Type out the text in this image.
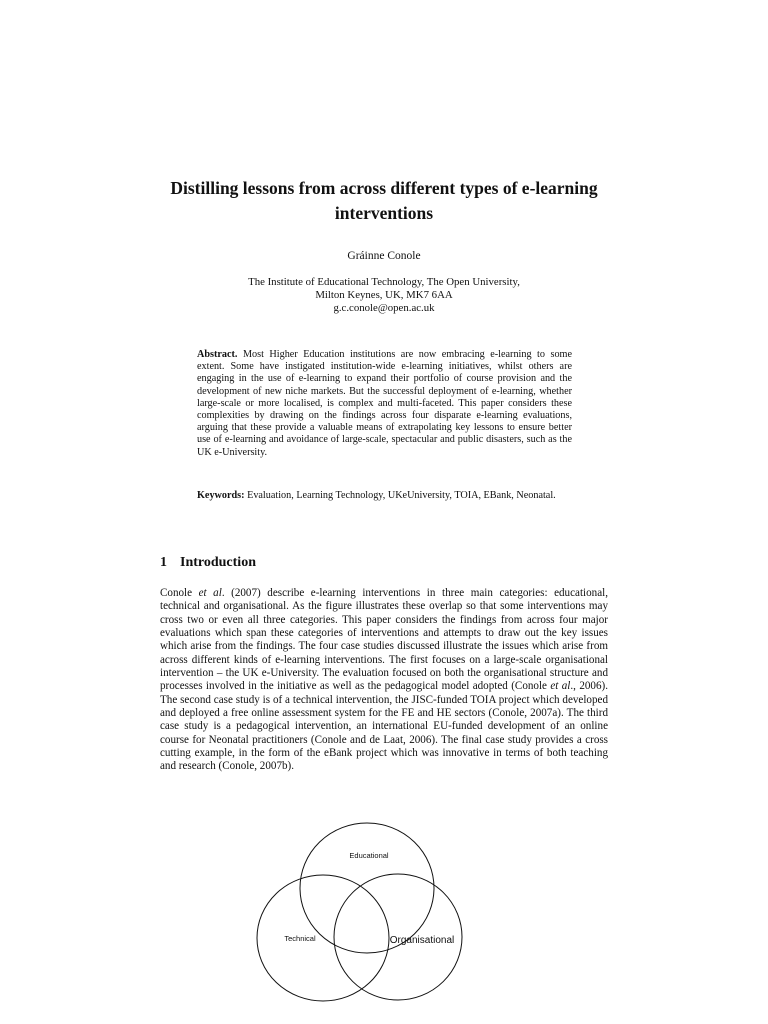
Distilling lessons from across different types of e-learning interventions
Gráinne Conole
The Institute of Educational Technology, The Open University,
Milton Keynes, UK, MK7 6AA
g.c.conole@open.ac.uk

Abstract. Most Higher Education institutions are now embracing e-learning to some extent. Some have instigated institution-wide e-learning initiatives, whilst others are engaging in the use of e-learning to expand their portfolio of course provision and the development of new niche markets. But the successful deployment of e-learning, whether large-scale or more localised, is complex and multi-faceted. This paper considers these complexities by drawing on the findings across four disparate e-learning evaluations, arguing that these provide a valuable means of extrapolating key lessons to ensure better use of e-learning and avoidance of large-scale, spectacular and public disasters, such as the UK e-University.

Keywords: Evaluation, Learning Technology, UKeUniversity, TOIA, EBank, Neonatal.

1 Introduction

Conole et al. (2007) describe e-learning interventions in three main categories: educational, technical and organisational. As the figure illustrates these overlap so that some interventions may cross two or even all three categories. This paper considers the findings from across four major evaluations which span these categories of interventions and attempts to draw out the key issues which arise from the findings. The four case studies discussed illustrate the issues which arise from across different kinds of e-learning interventions. The first focuses on a large-scale organisational intervention – the UK e-University. The evaluation focused on both the organisational structure and processes involved in the initiative as well as the pedagogical model adopted (Conole et al., 2006). The second case study is of a technical intervention, the JISC-funded TOIA project which developed and deployed a free online assessment system for the FE and HE sectors (Conole, 2007a). The third case study is a pedagogical intervention, an international EU-funded development of an online course for Neonatal practitioners (Conole and de Laat, 2006). The final case study provides a cross cutting example, in the form of the eBank project which was innovative in terms of both teaching and research (Conole, 2007b).

Educational
Technical	Organisational
